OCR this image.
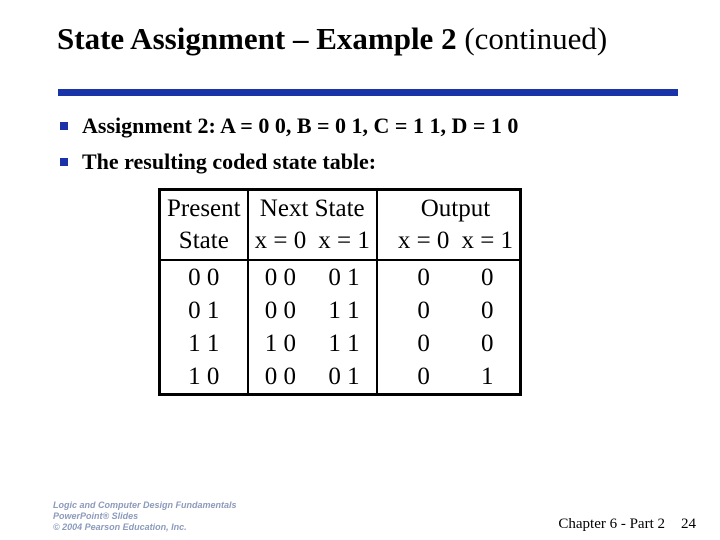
State Assignment – Example 2 (continued)
Assignment 2: A = 0 0, B = 0 1, C = 1 1, D = 1 0
The resulting coded state table:
Present	Next State			Output	
State	x = 0	x = 1		x = 0	x = 1
0 0	0 0	0 1		0	0
0 1	0 0	1 1		0	0
1 1	1 0	1 1		0	0
1 0	0 0	0 1		0	1
Logic and Computer Design Fundamentals
PowerPoint® Slides
© 2004 Pearson Education, Inc.	Chapter 6 - Part 2 24
